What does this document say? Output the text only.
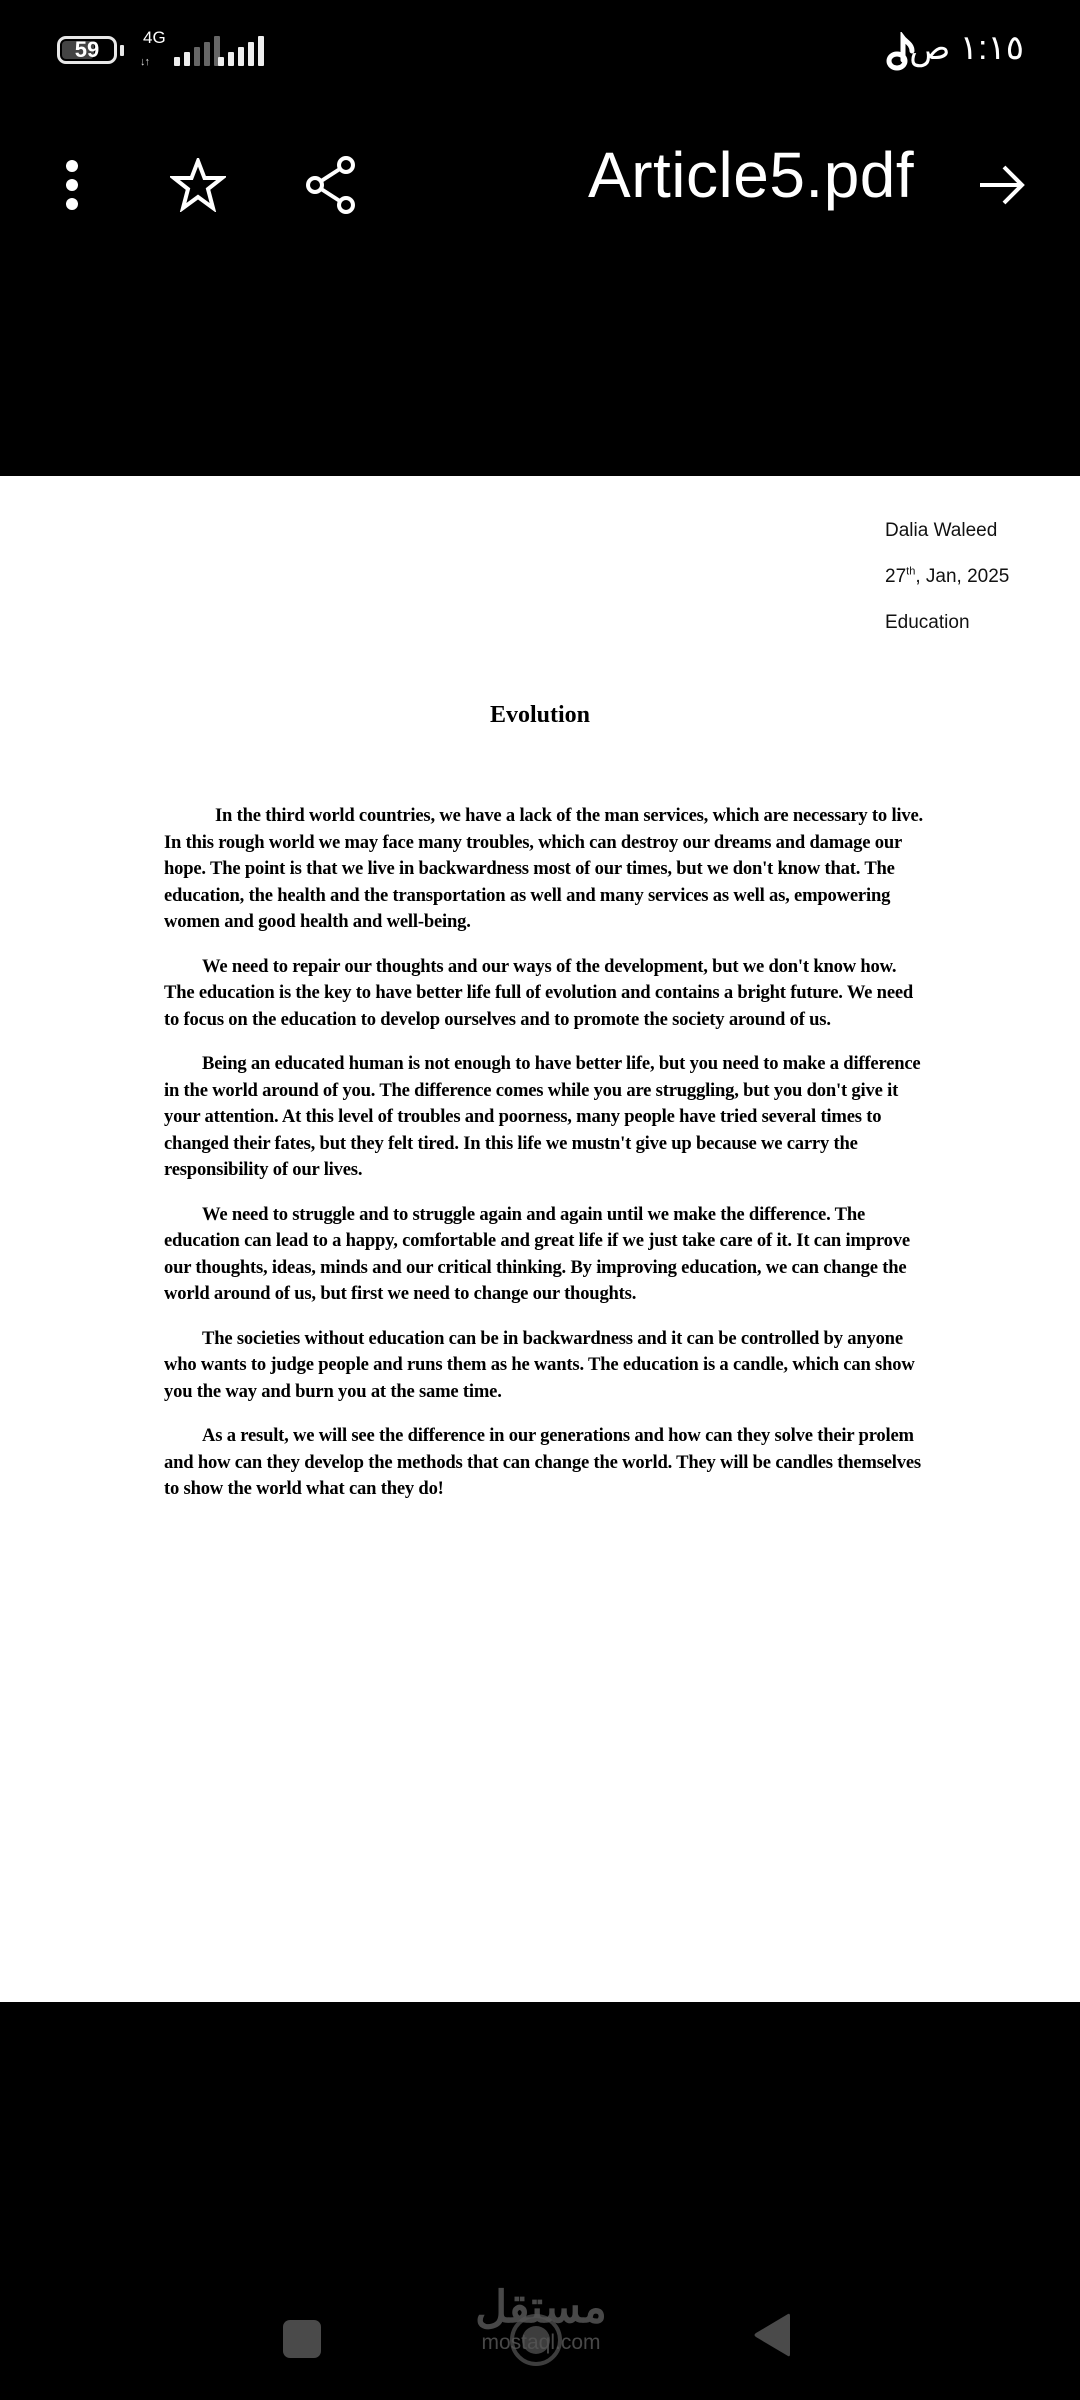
59	4G
↓↑	١:١٥ ص
Article5.pdf
Dalia Waleed
27th, Jan, 2025
Education
Evolution

In the third world countries, we have a lack of the man services, which are necessary to live. In this rough world we may face many troubles, which can destroy our dreams and damage our hope. The point is that we live in backwardness most of our times, but we don't know that. The education, the health and the transportation as well and many services as well as, empowering women and good health and well-being.

We need to repair our thoughts and our ways of the development, but we don't know how. The education is the key to have better life full of evolution and contains a bright future. We need to focus on the education to develop ourselves and to promote the society around of us.

Being an educated human is not enough to have better life, but you need to make a difference in the world around of you. The difference comes while you are struggling, but you don't give it your attention. At this level of troubles and poorness, many people have tried several times to changed their fates, but they felt tired. In this life we mustn't give up because we carry the responsibility of our lives.

We need to struggle and to struggle again and again until we make the difference. The education can lead to a happy, comfortable and great life if we just take care of it. It can improve our thoughts, ideas, minds and our critical thinking. By improving education, we can change the world around of us, but first we need to change our thoughts.

The societies without education can be in backwardness and it can be controlled by anyone who wants to judge people and runs them as he wants. The education is a candle, which can show you the way and burn you at the same time.

As a result, we will see the difference in our generations and how can they solve their prolem and how can they develop the methods that can change the world. They will be candles themselves to show the world what can they do!

مستقل
mostaql.com
